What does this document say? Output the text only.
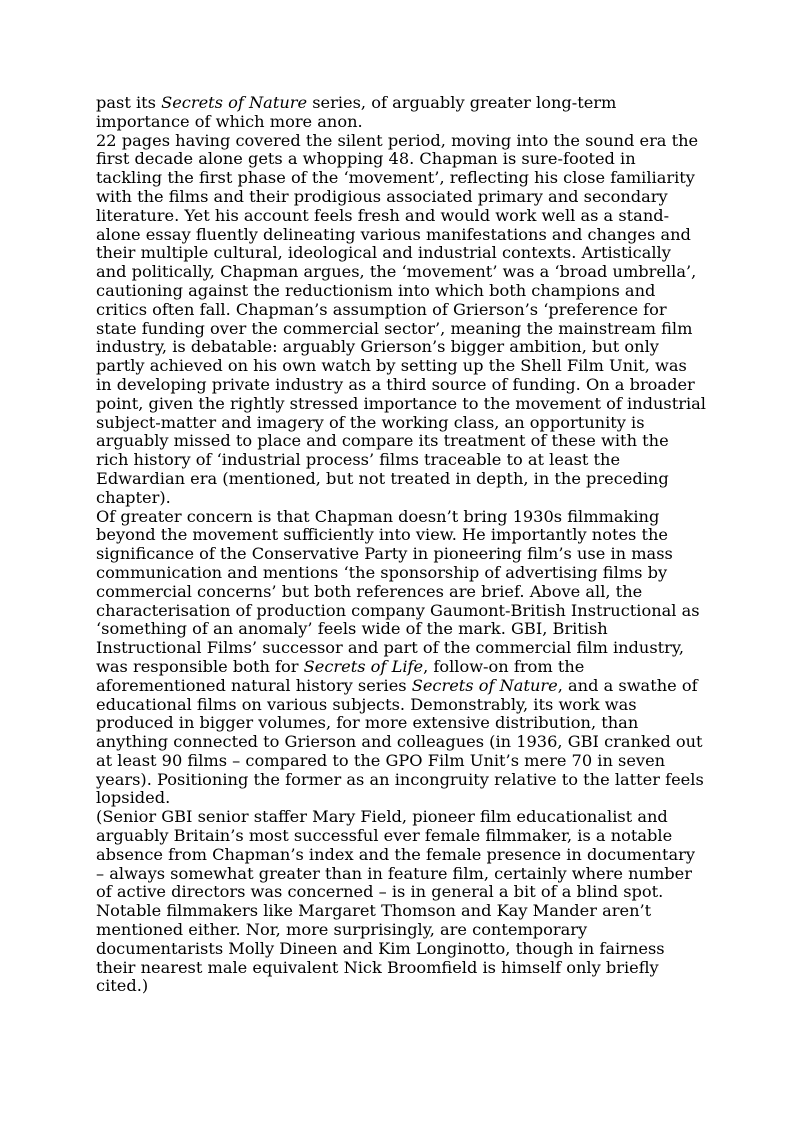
past its Secrets of Nature series, of arguably greater long-term importance of which more anon.

22 pages having covered the silent period, moving into the sound era the first decade alone gets a whopping 48. Chapman is sure-footed in tackling the first phase of the ‘movement’, reflecting his close familiarity with the films and their prodigious associated primary and secondary literature. Yet his account feels fresh and would work well as a stand-alone essay fluently delineating various manifestations and changes and their multiple cultural, ideological and industrial contexts. Artistically and politically, Chapman argues, the ‘movement’ was a ‘broad umbrella’, cautioning against the reductionism into which both champions and critics often fall. Chapman’s assumption of Grierson’s ‘preference for state funding over the commercial sector’, meaning the mainstream film industry, is debatable: arguably Grierson’s bigger ambition, but only partly achieved on his own watch by setting up the Shell Film Unit, was in developing private industry as a third source of funding. On a broader point, given the rightly stressed importance to the movement of industrial subject-matter and imagery of the working class, an opportunity is arguably missed to place and compare its treatment of these with the rich history of ‘industrial process’ films traceable to at least the Edwardian era (mentioned, but not treated in depth, in the preceding chapter).

Of greater concern is that Chapman doesn’t bring 1930s filmmaking beyond the movement sufficiently into view. He importantly notes the significance of the Conservative Party in pioneering film’s use in mass communication and mentions ‘the sponsorship of advertising films by commercial concerns’ but both references are brief. Above all, the characterisation of production company Gaumont-British Instructional as ‘something of an anomaly’ feels wide of the mark. GBI, British Instructional Films’ successor and part of the commercial film industry, was responsible both for Secrets of Life, follow-on from the aforementioned natural history series Secrets of Nature, and a swathe of educational films on various subjects. Demonstrably, its work was produced in bigger volumes, for more extensive distribution, than anything connected to Grierson and colleagues (in 1936, GBI cranked out at least 90 films – compared to the GPO Film Unit’s mere 70 in seven years). Positioning the former as an incongruity relative to the latter feels lopsided.

(Senior GBI senior staffer Mary Field, pioneer film educationalist and arguably Britain’s most successful ever female filmmaker, is a notable absence from Chapman’s index and the female presence in documentary – always somewhat greater than in feature film, certainly where number of active directors was concerned – is in general a bit of a blind spot. Notable filmmakers like Margaret Thomson and Kay Mander aren’t mentioned either. Nor, more surprisingly, are contemporary documentarists Molly Dineen and Kim Longinotto, though in fairness their nearest male equivalent Nick Broomfield is himself only briefly cited.)
